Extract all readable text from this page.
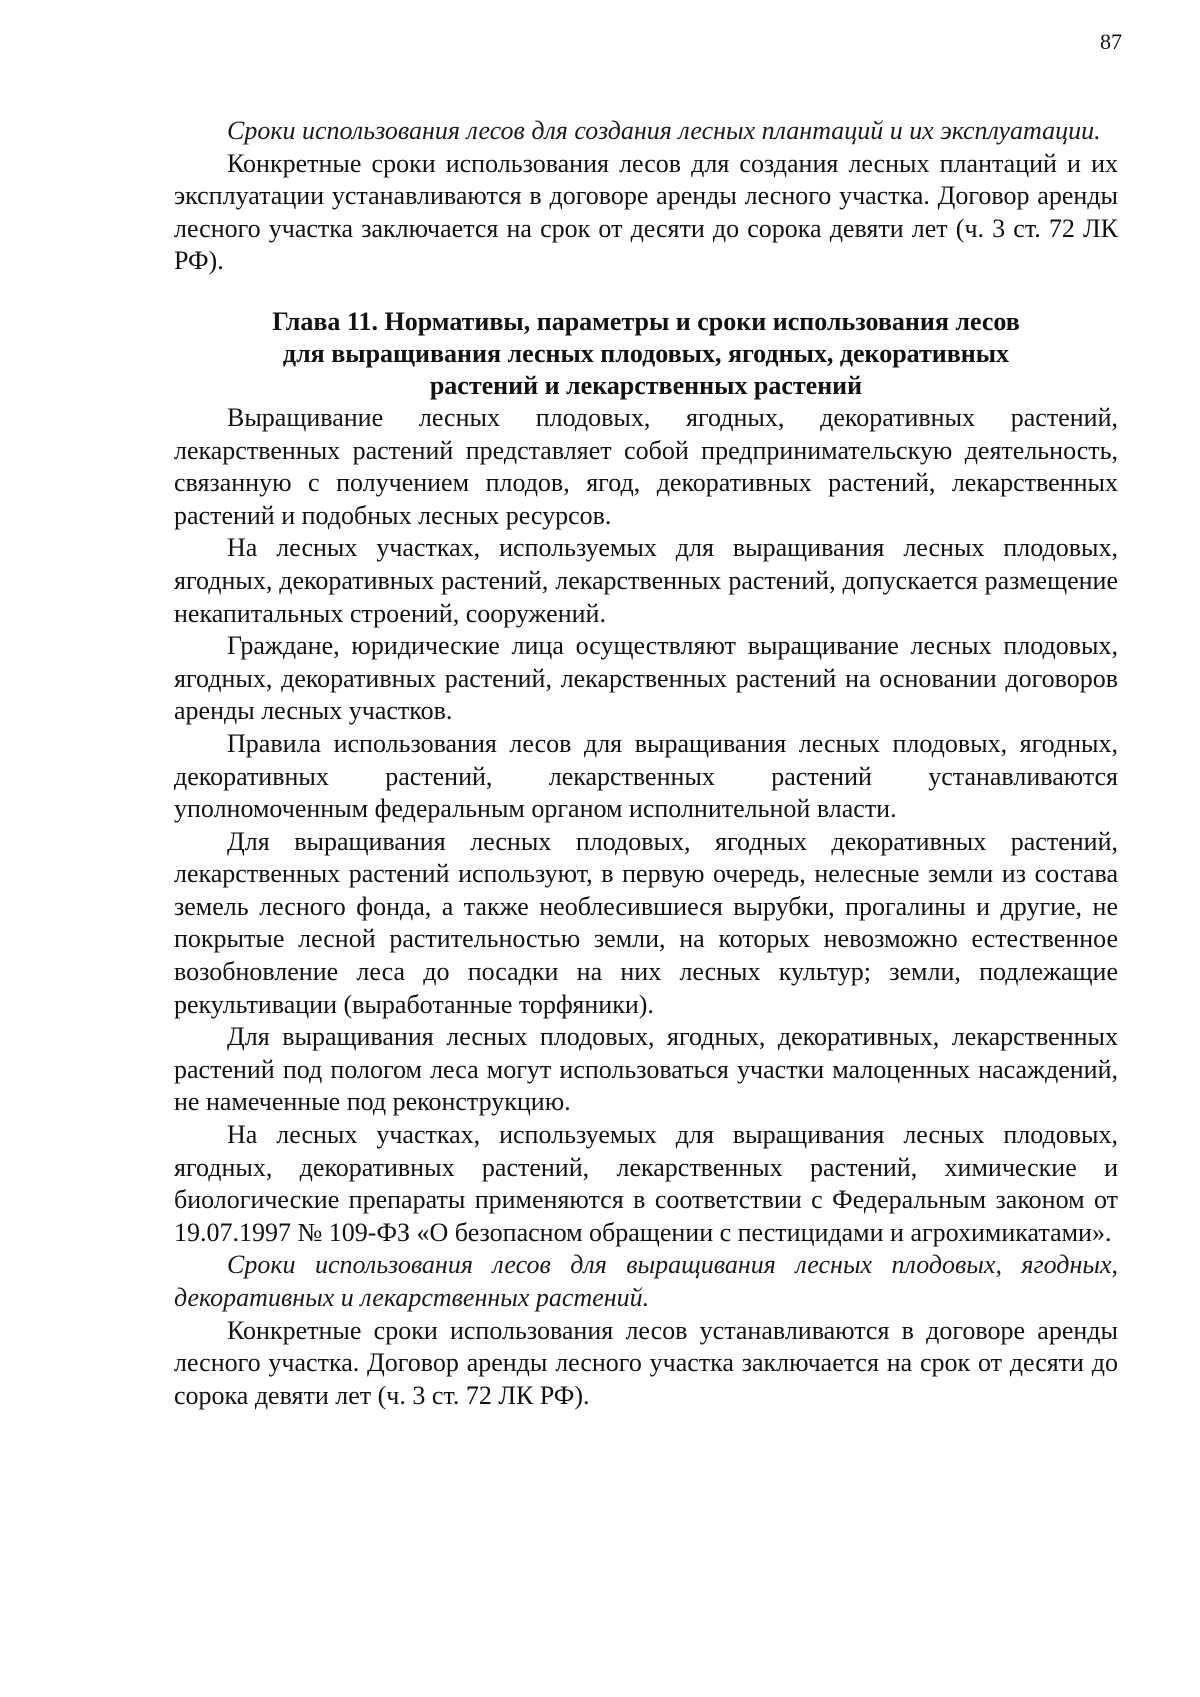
87

Сроки использования лесов для создания лесных плантаций и их эксплуатации.

Конкретные сроки использования лесов для создания лесных плантаций и их эксплуатации устанавливаются в договоре аренды лесного участка. Договор аренды лесного участка заключается на срок от десяти до сорока девяти лет (ч. 3 ст. 72 ЛК РФ).

Глава 11. Нормативы, параметры и сроки использования лесов
для выращивания лесных плодовых, ягодных, декоративных
растений и лекарственных растений

Выращивание лесных плодовых, ягодных, декоративных растений, лекарственных растений представляет собой предпринимательскую деятельность, связанную с получением плодов, ягод, декоративных растений, лекарственных растений и подобных лесных ресурсов.

На лесных участках, используемых для выращивания лесных плодовых, ягодных, декоративных растений, лекарственных растений, допускается размещение некапитальных строений, сооружений.

Граждане, юридические лица осуществляют выращивание лесных плодовых, ягодных, декоративных растений, лекарственных растений на основании договоров аренды лесных участков.

Правила использования лесов для выращивания лесных плодовых, ягодных, декоративных растений, лекарственных растений устанавливаются уполномоченным федеральным органом исполнительной власти.

Для выращивания лесных плодовых, ягодных декоративных растений, лекарственных растений используют, в первую очередь, нелесные земли из состава земель лесного фонда, а также необлесившиеся вырубки, прогалины и другие, не покрытые лесной растительностью земли, на которых невозможно естественное возобновление леса до посадки на них лесных культур; земли, подлежащие рекультивации (выработанные торфяники).

Для выращивания лесных плодовых, ягодных, декоративных, лекарственных растений под пологом леса могут использоваться участки малоценных насаждений, не намеченные под реконструкцию.

На лесных участках, используемых для выращивания лесных плодовых, ягодных, декоративных растений, лекарственных растений, химические и биологические препараты применяются в соответствии с Федеральным законом от 19.07.1997 № 109-ФЗ «О безопасном обращении с пестицидами и агрохимикатами».

Сроки использования лесов для выращивания лесных плодовых, ягодных, декоративных и лекарственных растений.

Конкретные сроки использования лесов устанавливаются в договоре аренды лесного участка. Договор аренды лесного участка заключается на срок от десяти до сорока девяти лет (ч. 3 ст. 72 ЛК РФ).
